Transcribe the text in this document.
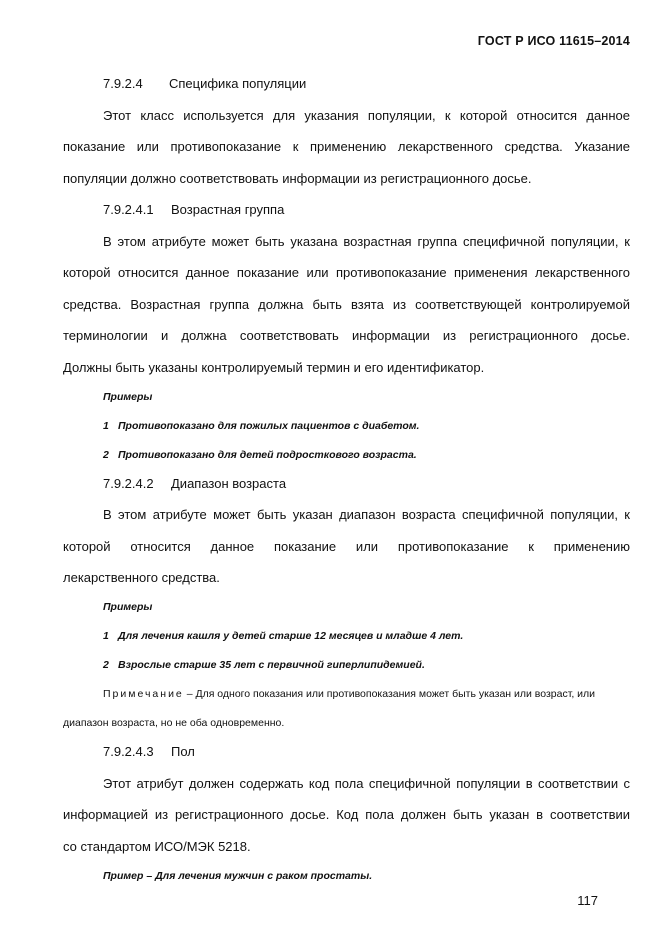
ГОСТ Р ИСО 11615–2014
7.9.2.4 Специфика популяции
Этот класс используется для указания популяции, к которой относится данное
показание или противопоказание к применению лекарственного средства. Указание
популяции должно соответствовать информации из регистрационного досье.
7.9.2.4.1 Возрастная группа
В этом атрибуте может быть указана возрастная группа специфичной популяции, к
которой относится данное показание или противопоказание применения лекарственного
средства. Возрастная группа должна быть взята из соответствующей контролируемой
терминологии и должна соответствовать информации из регистрационного досье.
Должны быть указаны контролируемый термин и его идентификатор.
Примеры
1 Противопоказано для пожилых пациентов с диабетом.
2 Противопоказано для детей подросткового возраста.
7.9.2.4.2 Диапазон возраста
В этом атрибуте может быть указан диапазон возраста специфичной популяции, к
которой относится данное показание или противопоказание к применению
лекарственного средства.
Примеры
1 Для лечения кашля у детей старше 12 месяцев и младше 4 лет.
2 Взрослые старше 35 лет с первичной гиперлипидемией.
Примечание – Для одного показания или противопоказания может быть указан или возраст, или
диапазон возраста, но не оба одновременно.
7.9.2.4.3 Пол
Этот атрибут должен содержать код пола специфичной популяции в соответствии с
информацией из регистрационного досье. Код пола должен быть указан в соответствии
со стандартом ИСО/МЭК 5218.
Пример – Для лечения мужчин с раком простаты.
117
